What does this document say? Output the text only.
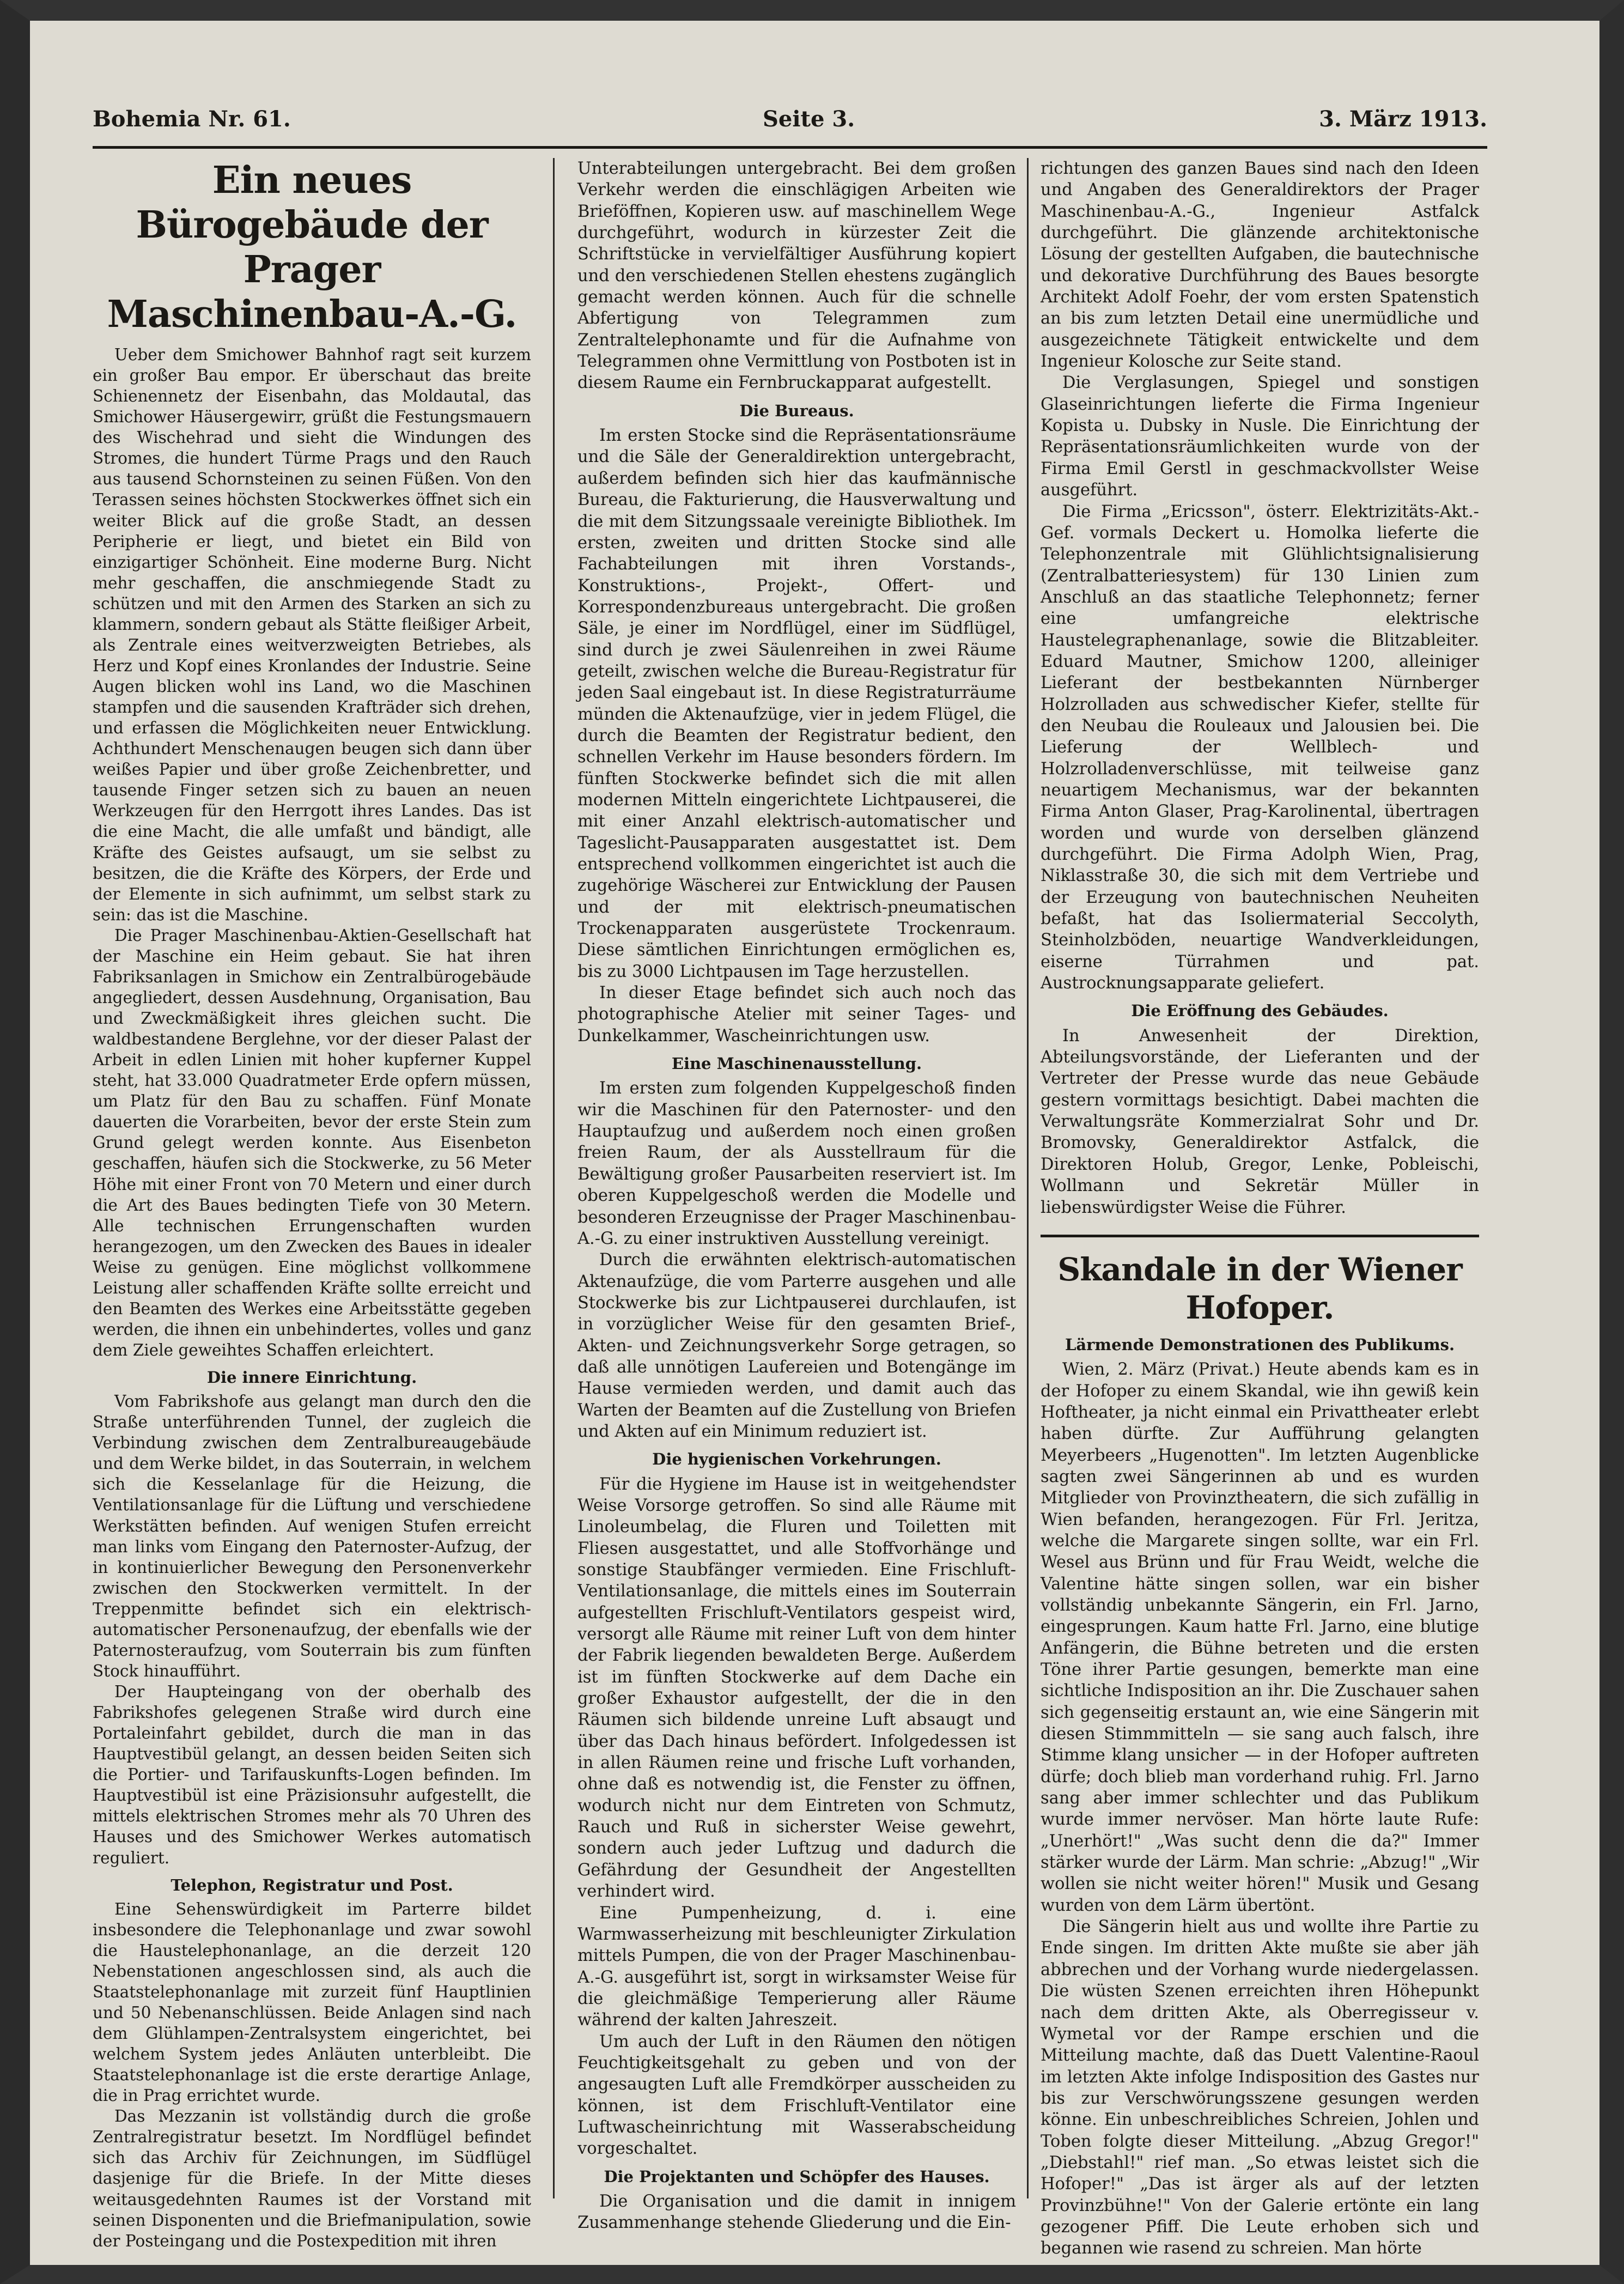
Bohemia Nr. 61.	Seite 3.	3. März 1913.
Ein neues Bürogebäude der Prager Maschinenbau-A.-G.

Ueber dem Smichower Bahnhof ragt seit kurzem ein großer Bau empor. Er überschaut das breite Schienennetz der Eisenbahn, das Moldautal, das Smichower Häusergewirr, grüßt die Festungsmauern des Wischehrad und sieht die Windungen des Stromes, die hundert Türme Prags und den Rauch aus tausend Schornsteinen zu seinen Füßen. Von den Terassen seines höchsten Stockwerkes öffnet sich ein weiter Blick auf die große Stadt, an dessen Peripherie er liegt, und bietet ein Bild von einzigartiger Schönheit. Eine moderne Burg. Nicht mehr geschaffen, die anschmiegende Stadt zu schützen und mit den Armen des Starken an sich zu klammern, sondern gebaut als Stätte fleißiger Arbeit, als Zentrale eines weitverzweigten Betriebes, als Herz und Kopf eines Kronlandes der Industrie. Seine Augen blicken wohl ins Land, wo die Maschinen stampfen und die sausenden Krafträder sich drehen, und erfassen die Möglichkeiten neuer Entwicklung. Achthundert Menschenaugen beugen sich dann über weißes Papier und über große Zeichenbretter, und tausende Finger setzen sich zu bauen an neuen Werkzeugen für den Herrgott ihres Landes. Das ist die eine Macht, die alle umfaßt und bändigt, alle Kräfte des Geistes aufsaugt, um sie selbst zu besitzen, die die Kräfte des Körpers, der Erde und der Elemente in sich aufnimmt, um selbst stark zu sein: das ist die Maschine.

Die Prager Maschinenbau-Aktien-Gesellschaft hat der Maschine ein Heim gebaut. Sie hat ihren Fabriksanlagen in Smichow ein Zentralbürogebäude angegliedert, dessen Ausdehnung, Organisation, Bau und Zweckmäßigkeit ihres gleichen sucht. Die waldbestandene Berglehne, vor der dieser Palast der Arbeit in edlen Linien mit hoher kupferner Kuppel steht, hat 33.000 Quadratmeter Erde opfern müssen, um Platz für den Bau zu schaffen. Fünf Monate dauerten die Vorarbeiten, bevor der erste Stein zum Grund gelegt werden konnte. Aus Eisenbeton geschaffen, häufen sich die Stockwerke, zu 56 Meter Höhe mit einer Front von 70 Metern und einer durch die Art des Baues bedingten Tiefe von 30 Metern. Alle technischen Errungenschaften wurden herangezogen, um den Zwecken des Baues in idealer Weise zu genügen. Eine möglichst vollkommene Leistung aller schaffenden Kräfte sollte erreicht und den Beamten des Werkes eine Arbeitsstätte gegeben werden, die ihnen ein unbehindertes, volles und ganz dem Ziele geweihtes Schaffen erleichtert.

Die innere Einrichtung.

Vom Fabrikshofe aus gelangt man durch den die Straße unterführenden Tunnel, der zugleich die Verbindung zwischen dem Zentralbureaugebäude und dem Werke bildet, in das Souterrain, in welchem sich die Kesselanlage für die Heizung, die Ventilationsanlage für die Lüftung und verschiedene Werkstätten befinden. Auf wenigen Stufen erreicht man links vom Eingang den Paternoster-Aufzug, der in kontinuierlicher Bewegung den Personenverkehr zwischen den Stockwerken vermittelt. In der Treppenmitte befindet sich ein elektrisch-automatischer Personenaufzug, der ebenfalls wie der Paternosteraufzug, vom Souterrain bis zum fünften Stock hinaufführt.

Der Haupteingang von der oberhalb des Fabrikshofes gelegenen Straße wird durch eine Portaleinfahrt gebildet, durch die man in das Hauptvestibül gelangt, an dessen beiden Seiten sich die Portier- und Tarifauskunfts-Logen befinden. Im Hauptvestibül ist eine Präzisionsuhr aufgestellt, die mittels elektrischen Stromes mehr als 70 Uhren des Hauses und des Smichower Werkes automatisch reguliert.

Telephon, Registratur und Post.

Eine Sehenswürdigkeit im Parterre bildet insbesondere die Telephonanlage und zwar sowohl die Haustelephonanlage, an die derzeit 120 Nebenstationen angeschlossen sind, als auch die Staatstelephonanlage mit zurzeit fünf Hauptlinien und 50 Nebenanschlüssen. Beide Anlagen sind nach dem Glühlampen-Zentralsystem eingerichtet, bei welchem System jedes Anläuten unterbleibt. Die Staatstelephonanlage ist die erste derartige Anlage, die in Prag errichtet wurde.

Das Mezzanin ist vollständig durch die große Zentralregistratur besetzt. Im Nordflügel befindet sich das Archiv für Zeichnungen, im Südflügel dasjenige für die Briefe. In der Mitte dieses weitausgedehnten Raumes ist der Vorstand mit seinen Disponenten und die Briefmanipulation, sowie der Posteingang und die Postexpedition mit ihren

Unterabteilungen untergebracht. Bei dem großen Verkehr werden die einschlägigen Arbeiten wie Brieföffnen, Kopieren usw. auf maschinellem Wege durchgeführt, wodurch in kürzester Zeit die Schriftstücke in vervielfältiger Ausführung kopiert und den verschiedenen Stellen ehestens zugänglich gemacht werden können. Auch für die schnelle Abfertigung von Telegrammen zum Zentraltelephonamte und für die Aufnahme von Telegrammen ohne Vermittlung von Postboten ist in diesem Raume ein Fernbruckapparat aufgestellt.

Die Bureaus.

Im ersten Stocke sind die Repräsentationsräume und die Säle der Generaldirektion untergebracht, außerdem befinden sich hier das kaufmännische Bureau, die Fakturierung, die Hausverwaltung und die mit dem Sitzungssaale vereinigte Bibliothek. Im ersten, zweiten und dritten Stocke sind alle Fachabteilungen mit ihren Vorstands-, Konstruktions-, Projekt-, Offert- und Korrespondenzbureaus untergebracht. Die großen Säle, je einer im Nordflügel, einer im Südflügel, sind durch je zwei Säulenreihen in zwei Räume geteilt, zwischen welche die Bureau-Registratur für jeden Saal eingebaut ist. In diese Registraturräume münden die Aktenaufzüge, vier in jedem Flügel, die durch die Beamten der Registratur bedient, den schnellen Verkehr im Hause besonders fördern. Im fünften Stockwerke befindet sich die mit allen modernen Mitteln eingerichtete Lichtpauserei, die mit einer Anzahl elektrisch-automatischer und Tageslicht-Pausapparaten ausgestattet ist. Dem entsprechend vollkommen eingerichtet ist auch die zugehörige Wäscherei zur Entwicklung der Pausen und der mit elektrisch-pneumatischen Trockenapparaten ausgerüstete Trockenraum. Diese sämtlichen Einrichtungen ermöglichen es, bis zu 3000 Lichtpausen im Tage herzustellen.

In dieser Etage befindet sich auch noch das photographische Atelier mit seiner Tages- und Dunkelkammer, Wascheinrichtungen usw.

Eine Maschinenausstellung.

Im ersten zum folgenden Kuppelgeschoß finden wir die Maschinen für den Paternoster- und den Hauptaufzug und außerdem noch einen großen freien Raum, der als Ausstellraum für die Bewältigung großer Pausarbeiten reserviert ist. Im oberen Kuppelgeschoß werden die Modelle und besonderen Erzeugnisse der Prager Maschinenbau-A.-G. zu einer instruktiven Ausstellung vereinigt.

Durch die erwähnten elektrisch-automatischen Aktenaufzüge, die vom Parterre ausgehen und alle Stockwerke bis zur Lichtpauserei durchlaufen, ist in vorzüglicher Weise für den gesamten Brief-, Akten- und Zeichnungsverkehr Sorge getragen, so daß alle unnötigen Laufereien und Botengänge im Hause vermieden werden, und damit auch das Warten der Beamten auf die Zustellung von Briefen und Akten auf ein Minimum reduziert ist.

Die hygienischen Vorkehrungen.

Für die Hygiene im Hause ist in weitgehendster Weise Vorsorge getroffen. So sind alle Räume mit Linoleumbelag, die Fluren und Toiletten mit Fliesen ausgestattet, und alle Stoffvorhänge und sonstige Staubfänger vermieden. Eine Frischluft-Ventilationsanlage, die mittels eines im Souterrain aufgestellten Frischluft-Ventilators gespeist wird, versorgt alle Räume mit reiner Luft von dem hinter der Fabrik liegenden bewaldeten Berge. Außerdem ist im fünften Stockwerke auf dem Dache ein großer Exhaustor aufgestellt, der die in den Räumen sich bildende unreine Luft absaugt und über das Dach hinaus befördert. Infolgedessen ist in allen Räumen reine und frische Luft vorhanden, ohne daß es notwendig ist, die Fenster zu öffnen, wodurch nicht nur dem Eintreten von Schmutz, Rauch und Ruß in sicherster Weise gewehrt, sondern auch jeder Luftzug und dadurch die Gefährdung der Gesundheit der Angestellten verhindert wird.

Eine Pumpenheizung, d. i. eine Warmwasserheizung mit beschleunigter Zirkulation mittels Pumpen, die von der Prager Maschinenbau-A.-G. ausgeführt ist, sorgt in wirksamster Weise für die gleichmäßige Temperierung aller Räume während der kalten Jahreszeit.

Um auch der Luft in den Räumen den nötigen Feuchtigkeitsgehalt zu geben und von der angesaugten Luft alle Fremdkörper ausscheiden zu können, ist dem Frischluft-Ventilator eine Luftwascheinrichtung mit Wasserabscheidung vorgeschaltet.

Die Projektanten und Schöpfer des Hauses.

Die Organisation und die damit in innigem Zusammenhange stehende Gliederung und die Ein-

richtungen des ganzen Baues sind nach den Ideen und Angaben des Generaldirektors der Prager Maschinenbau-A.-G., Ingenieur Astfalck durchgeführt. Die glänzende architektonische Lösung der gestellten Aufgaben, die bautechnische und dekorative Durchführung des Baues besorgte Architekt Adolf Foehr, der vom ersten Spatenstich an bis zum letzten Detail eine unermüdliche und ausgezeichnete Tätigkeit entwickelte und dem Ingenieur Kolosche zur Seite stand.

Die Verglasungen, Spiegel und sonstigen Glaseinrichtungen lieferte die Firma Ingenieur Kopista u. Dubsky in Nusle. Die Einrichtung der Repräsentationsräumlichkeiten wurde von der Firma Emil Gerstl in geschmackvollster Weise ausgeführt.

Die Firma „Ericsson", österr. Elektrizitäts-Akt.-Gef. vormals Deckert u. Homolka lieferte die Telephonzentrale mit Glühlichtsignalisierung (Zentralbatteriesystem) für 130 Linien zum Anschluß an das staatliche Telephonnetz; ferner eine umfangreiche elektrische Haustelegraphenanlage, sowie die Blitzableiter. Eduard Mautner, Smichow 1200, alleiniger Lieferant der bestbekannten Nürnberger Holzrolladen aus schwedischer Kiefer, stellte für den Neubau die Rouleaux und Jalousien bei. Die Lieferung der Wellblech- und Holzrolladenverschlüsse, mit teilweise ganz neuartigem Mechanismus, war der bekannten Firma Anton Glaser, Prag-Karolinental, übertragen worden und wurde von derselben glänzend durchgeführt. Die Firma Adolph Wien, Prag, Niklasstraße 30, die sich mit dem Vertriebe und der Erzeugung von bautechnischen Neuheiten befaßt, hat das Isoliermaterial Seccolyth, Steinholzböden, neuartige Wandverkleidungen, eiserne Türrahmen und pat. Austrocknungsapparate geliefert.

Die Eröffnung des Gebäudes.

In Anwesenheit der Direktion, Abteilungsvorstände, der Lieferanten und der Vertreter der Presse wurde das neue Gebäude gestern vormittags besichtigt. Dabei machten die Verwaltungsräte Kommerzialrat Sohr und Dr. Bromovsky, Generaldirektor Astfalck, die Direktoren Holub, Gregor, Lenke, Pobleischi, Wollmann und Sekretär Müller in liebenswürdigster Weise die Führer.

Skandale in der Wiener Hofoper.
Lärmende Demonstrationen des Publikums.

Wien, 2. März (Privat.) Heute abends kam es in der Hofoper zu einem Skandal, wie ihn gewiß kein Hoftheater, ja nicht einmal ein Privattheater erlebt haben dürfte. Zur Aufführung gelangten Meyerbeers „Hugenotten". Im letzten Augenblicke sagten zwei Sängerinnen ab und es wurden Mitglieder von Provinztheatern, die sich zufällig in Wien befanden, herangezogen. Für Frl. Jeritza, welche die Margarete singen sollte, war ein Frl. Wesel aus Brünn und für Frau Weidt, welche die Valentine hätte singen sollen, war ein bisher vollständig unbekannte Sängerin, ein Frl. Jarno, eingesprungen. Kaum hatte Frl. Jarno, eine blutige Anfängerin, die Bühne betreten und die ersten Töne ihrer Partie gesungen, bemerkte man eine sichtliche Indisposition an ihr. Die Zuschauer sahen sich gegenseitig erstaunt an, wie eine Sängerin mit diesen Stimmmitteln — sie sang auch falsch, ihre Stimme klang unsicher — in der Hofoper auftreten dürfe; doch blieb man vorderhand ruhig. Frl. Jarno sang aber immer schlechter und das Publikum wurde immer nervöser. Man hörte laute Rufe: „Unerhört!" „Was sucht denn die da?" Immer stärker wurde der Lärm. Man schrie: „Abzug!" „Wir wollen sie nicht weiter hören!" Musik und Gesang wurden von dem Lärm übertönt.

Die Sängerin hielt aus und wollte ihre Partie zu Ende singen. Im dritten Akte mußte sie aber jäh abbrechen und der Vorhang wurde niedergelassen. Die wüsten Szenen erreichten ihren Höhepunkt nach dem dritten Akte, als Oberregisseur v. Wymetal vor der Rampe erschien und die Mitteilung machte, daß das Duett Valentine-Raoul im letzten Akte infolge Indisposition des Gastes nur bis zur Verschwörungsszene gesungen werden könne. Ein unbeschreibliches Schreien, Johlen und Toben folgte dieser Mitteilung. „Abzug Gregor!" „Diebstahl!" rief man. „So etwas leistet sich die Hofoper!" „Das ist ärger als auf der letzten Provinzbühne!" Von der Galerie ertönte ein lang gezogener Pfiff. Die Leute erhoben sich und begannen wie rasend zu schreien. Man hörte
